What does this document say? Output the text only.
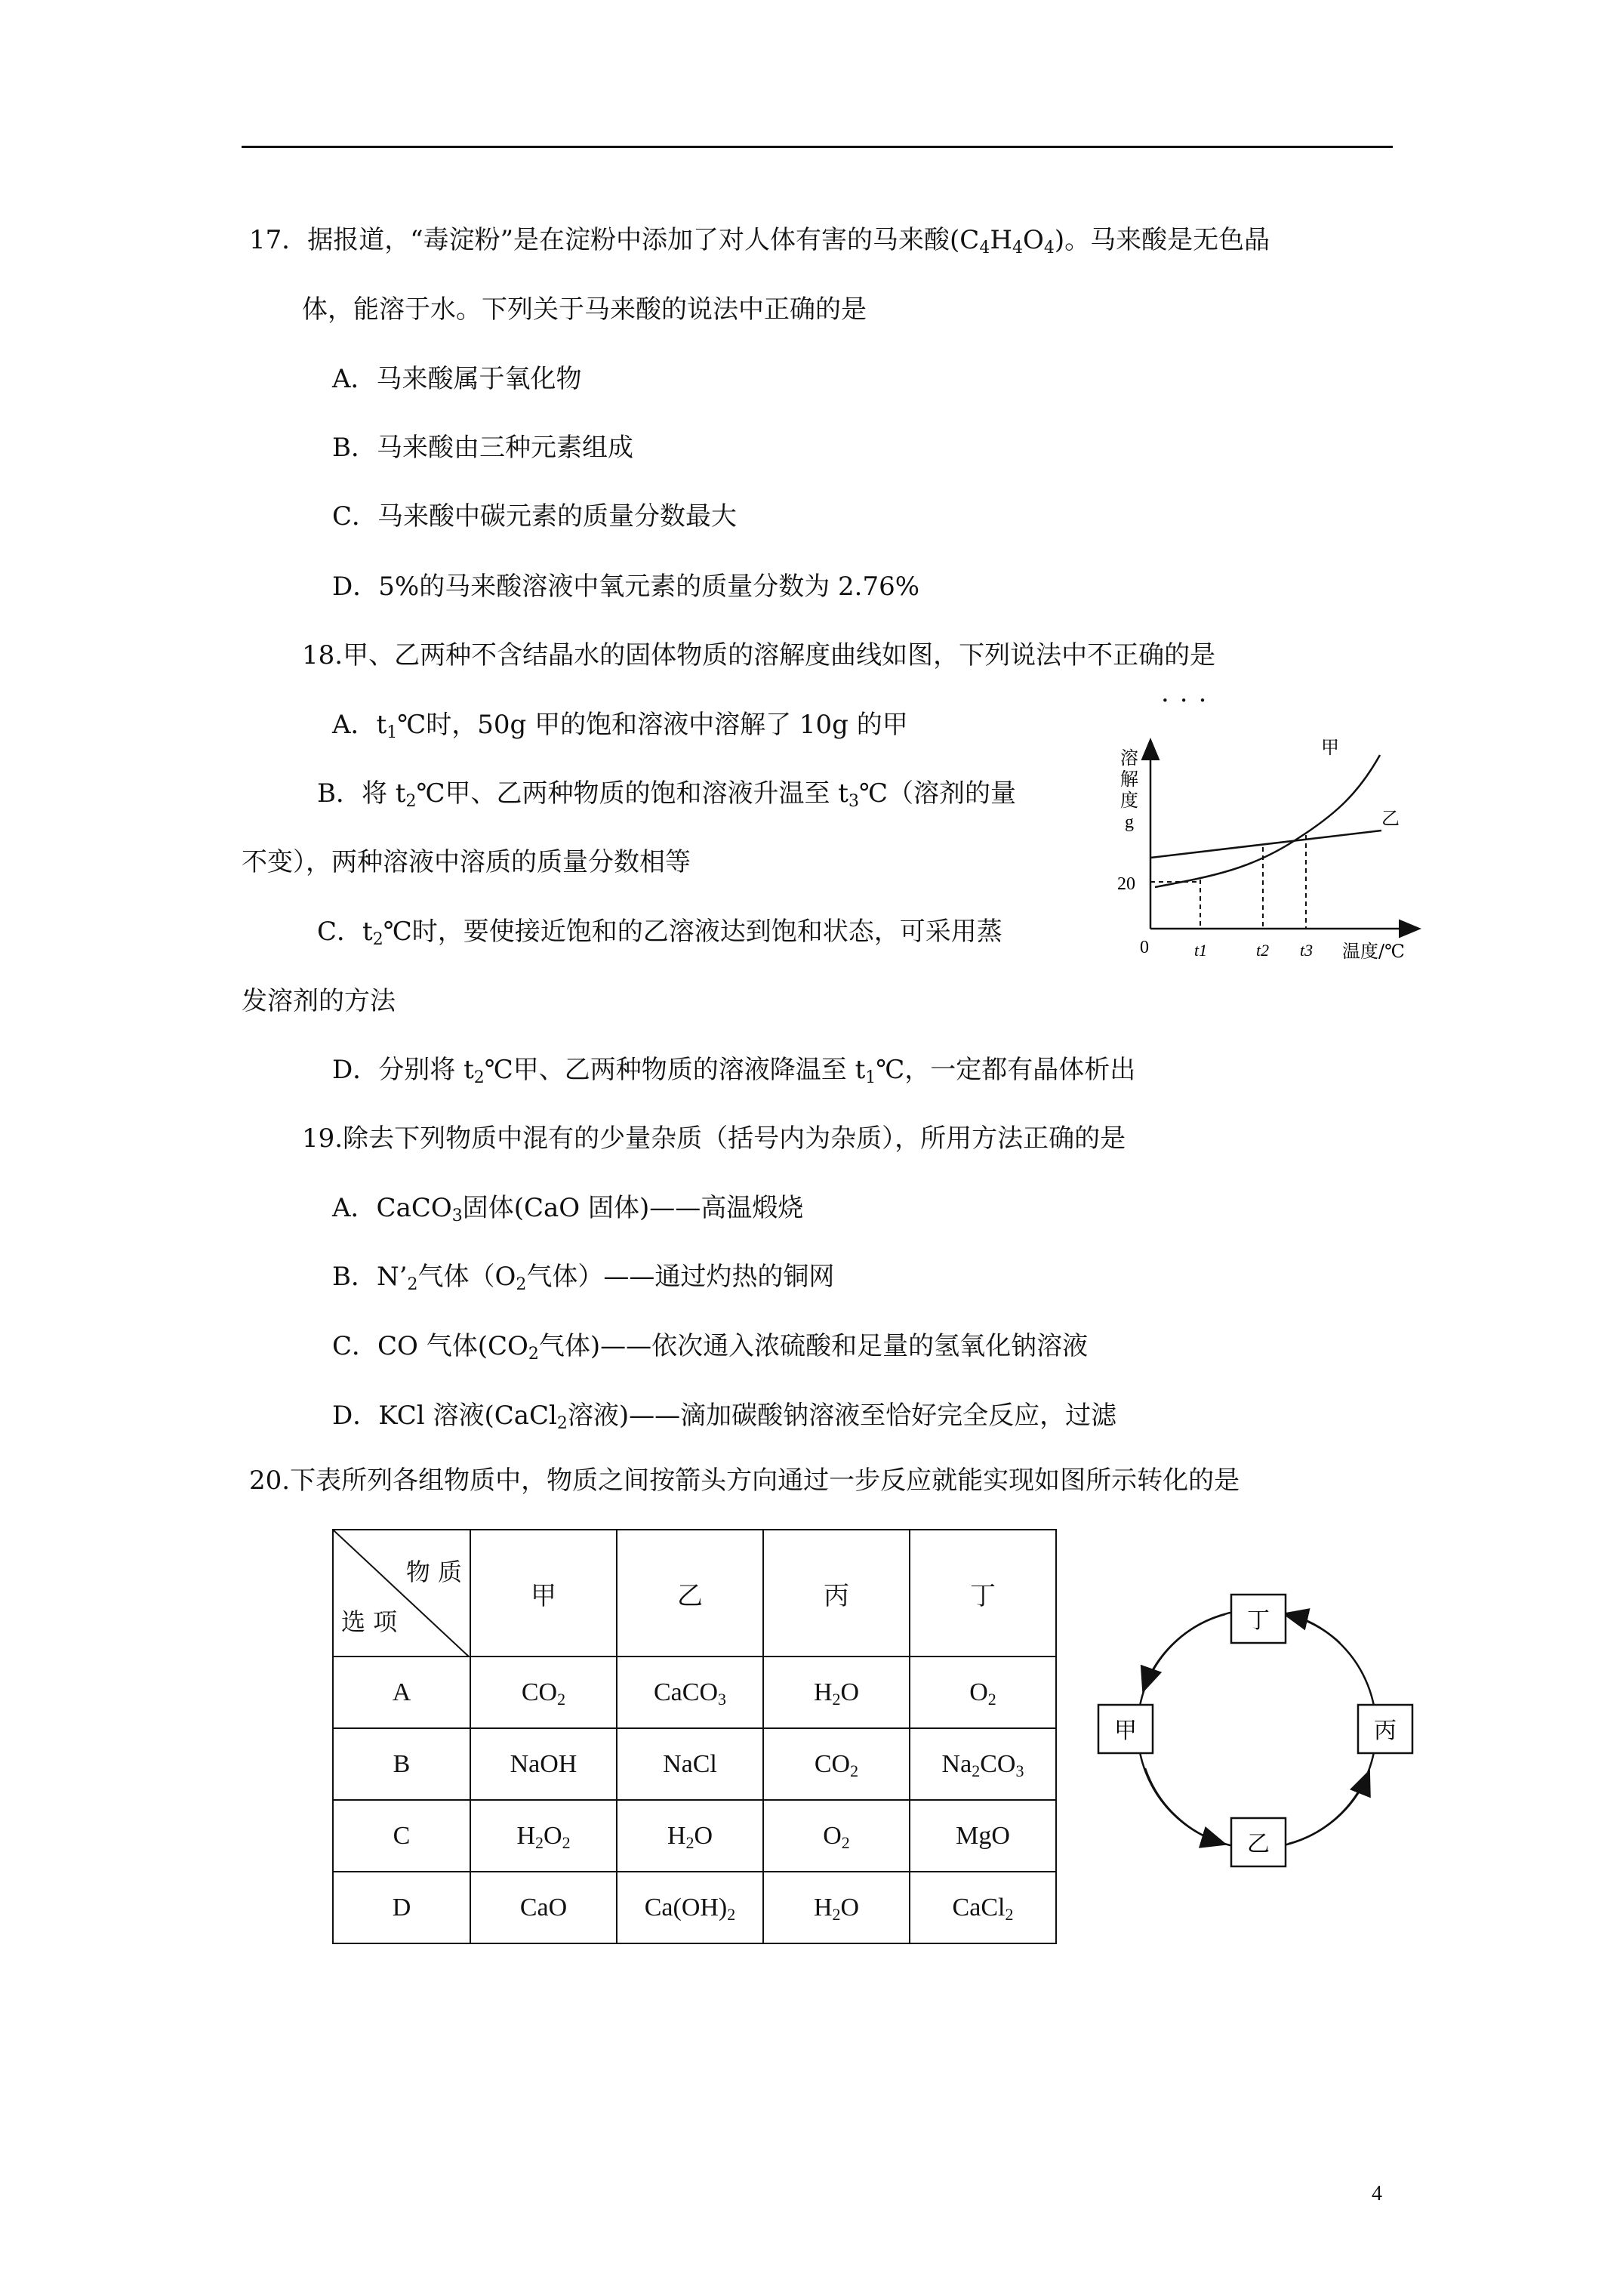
17．据报道，“毒淀粉”是在淀粉中添加了对人体有害的马来酸$(C_4H_4O_4)$。马来酸是无色晶
体，能溶于水。下列关于马来酸的说法中正确的是
A．马来酸属于氧化物
B．马来酸由三种元素组成
C．马来酸中碳元素的质量分数最大
D．5%的马来酸溶液中氧元素的质量分数为 2.76%
18.甲、乙两种不含结晶水的固体物质的溶解度曲线如图，下列说法中不正确的是
···
A．$t_1℃$时，50g 甲的饱和溶液中溶解了 10g 的甲
B．将 $t_2℃$甲、乙两种物质的饱和溶液升温至 $t_3℃$（溶剂的量
不变），两种溶液中溶质的质量分数相等
C．$t_2℃$时，要使接近饱和的乙溶液达到饱和状态，可采用蒸
发溶剂的方法
D．分别将 $t_2℃$甲、乙两种物质的溶液降温至 $t_1℃$，一定都有晶体析出
溶
解
度
g
20
0	t1	t2 t3 温度/℃
甲
乙
19.除去下列物质中混有的少量杂质（括号内为杂质），所用方法正确的是
A．CaCO$_3$固体(CaO 固体)——高温煅烧
B．$N’_2$气体（$O_2$气体）——通过灼热的铜网
C．CO 气体($CO_2$气体)——依次通入浓硫酸和足量的氢氧化钠溶液
D．KCl 溶液(CaCl$_2$溶液)——滴加碳酸钠溶液至恰好完全反应，过滤
20.下表所列各组物质中，物质之间按箭头方向通过一步反应就能实现如图所示转化的是
物 质
选 项	甲	乙	丙	丁
A	$CO_2$	CaCO$_3$	$H_2O$	$O_2$
B	NaOH	NaCl	$CO_2$	$Na_2CO_3$
C	$H_2O_2$	$H_2O$	$O_2$	MgO
D	CaO	$Ca(OH)_2$	$H_2O$	CaCl$_2$
丁
甲	丙
乙
4
